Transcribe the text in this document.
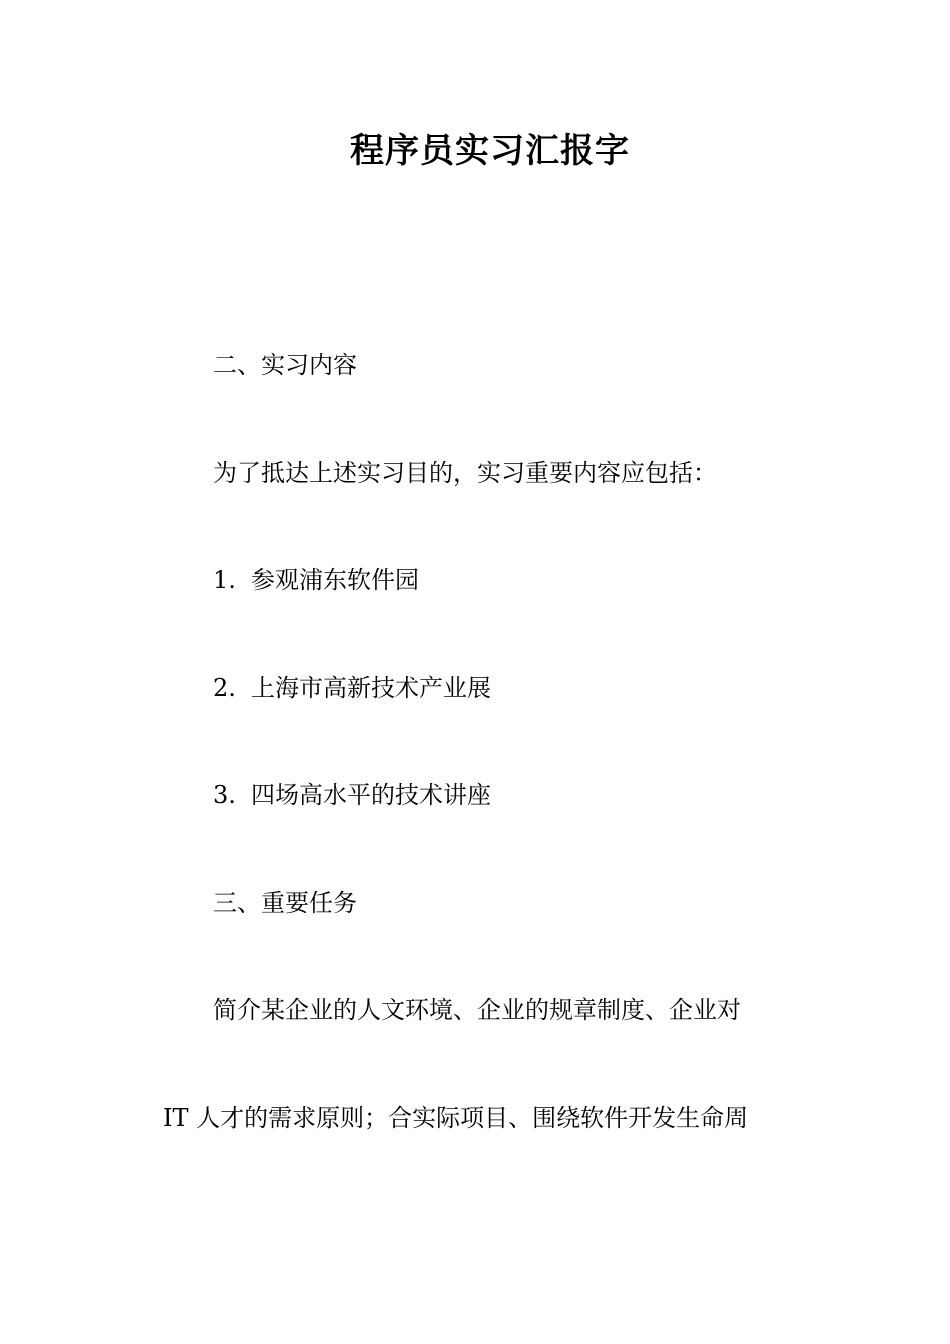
程序员实习汇报字
二、实习内容
为了抵达上述实习目的，实习重要内容应包括：
1. 参观浦东软件园
2. 上海市高新技术产业展
3. 四场高水平的技术讲座
三、重要任务
简介某企业的人文环境、企业的规章制度、企业对
IT 人才的需求原则；合实际项目、围绕软件开发生命周
